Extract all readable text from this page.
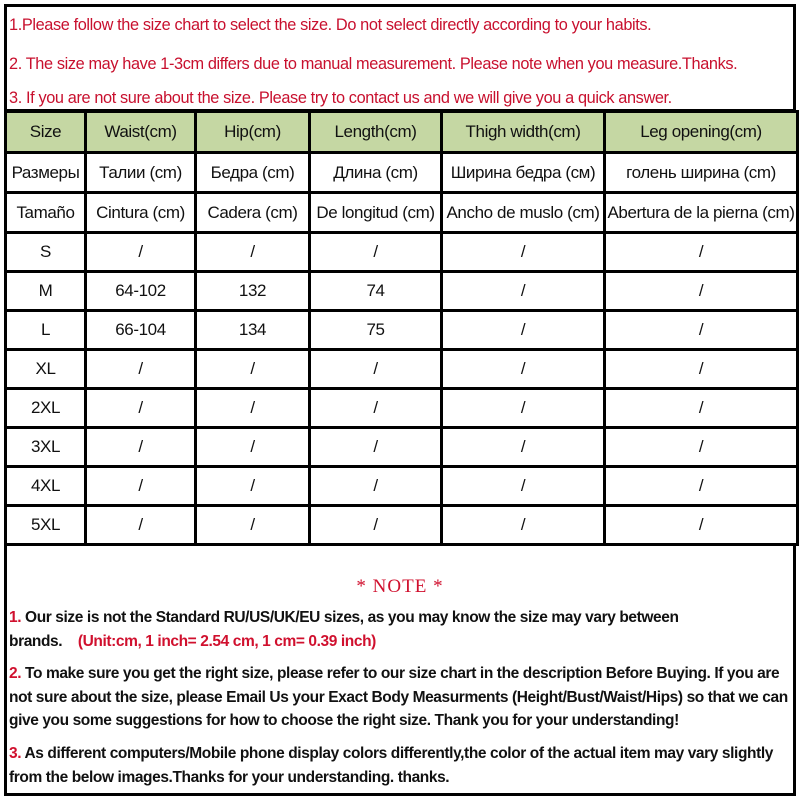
1.Please follow the size chart to select the size. Do not select directly according to your habits.
2. The size may have 1-3cm differs due to manual measurement. Please note when you measure.Thanks.
3. If you are not sure about the size. Please try to contact us and we will give you a quick answer.
Size	Waist(cm)	Hip(cm)	Length(cm)	Thigh width(cm)	Leg opening(cm)
Размеры	Талии (cm)	Бедра (cm)	Длина (cm)	Ширина бедра (см)	голень ширина (cm)
Tamaño	Cintura (cm)	Cadera (cm)	De longitud (cm)	Ancho de muslo (cm)	Abertura de la pierna (cm)
S	/	/	/	/	/
M	64-102	132	74	/	/
L	66-104	134	75	/	/
XL	/	/	/	/	/
2XL	/	/	/	/	/
3XL	/	/	/	/	/
4XL	/	/	/	/	/
5XL	/	/	/	/	/
* NOTE *
1. Our size is not the Standard RU/US/UK/EU sizes, as you may know the size may vary between brands. (Unit:cm, 1 inch= 2.54 cm, 1 cm= 0.39 inch)
2. To make sure you get the right size, please refer to our size chart in the description Before Buying. If you are not sure about the size, please Email Us your Exact Body Measurments (Height/Bust/Waist/Hips) so that we can give you some suggestions for how to choose the right size. Thank you for your understanding!
3. As different computers/Mobile phone display colors differently,the color of the actual item may vary slightly from the below images.Thanks for your understanding. thanks.
